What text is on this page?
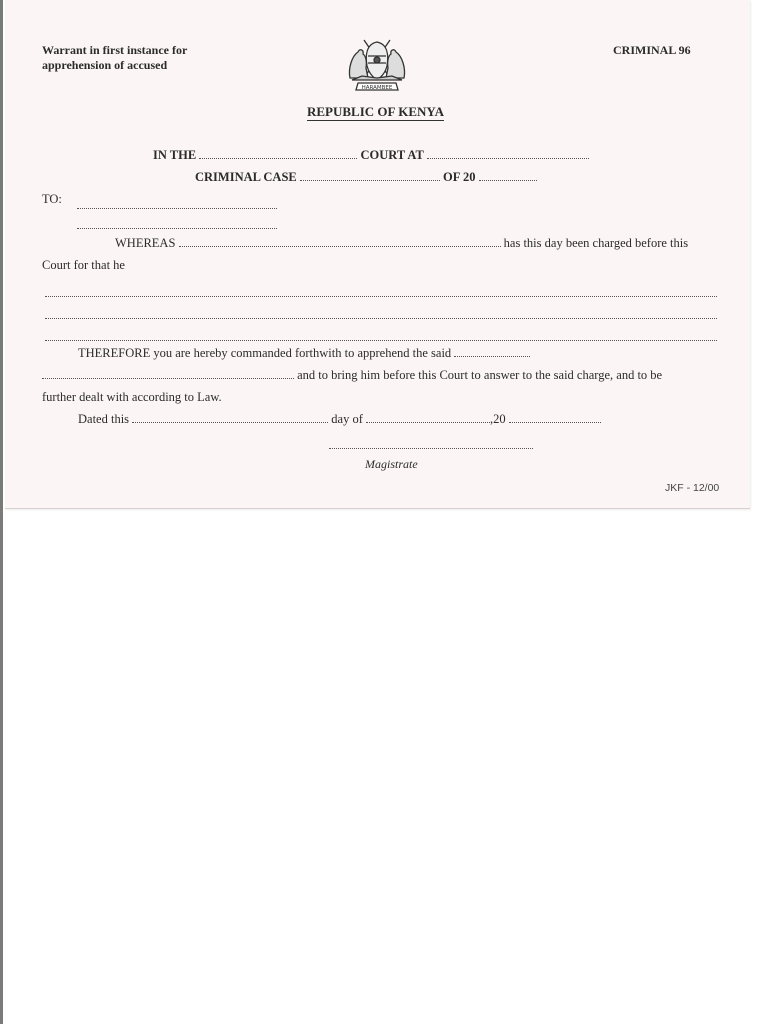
Warrant in first instance for
apprehension of accused
CRIMINAL 96
HARAMBEE
REPUBLIC OF KENYA
IN THE	COURT AT
CRIMINAL CASE	OF 20
TO:
WHEREAS	has this day been charged before this
Court for that he
THEREFORE you are hereby commanded forthwith to apprehend the said
and to bring him before this Court to answer to the said charge, and to be
further dealt with according to Law.
Dated this	day of	,20
Magistrate
JKF - 12/00
